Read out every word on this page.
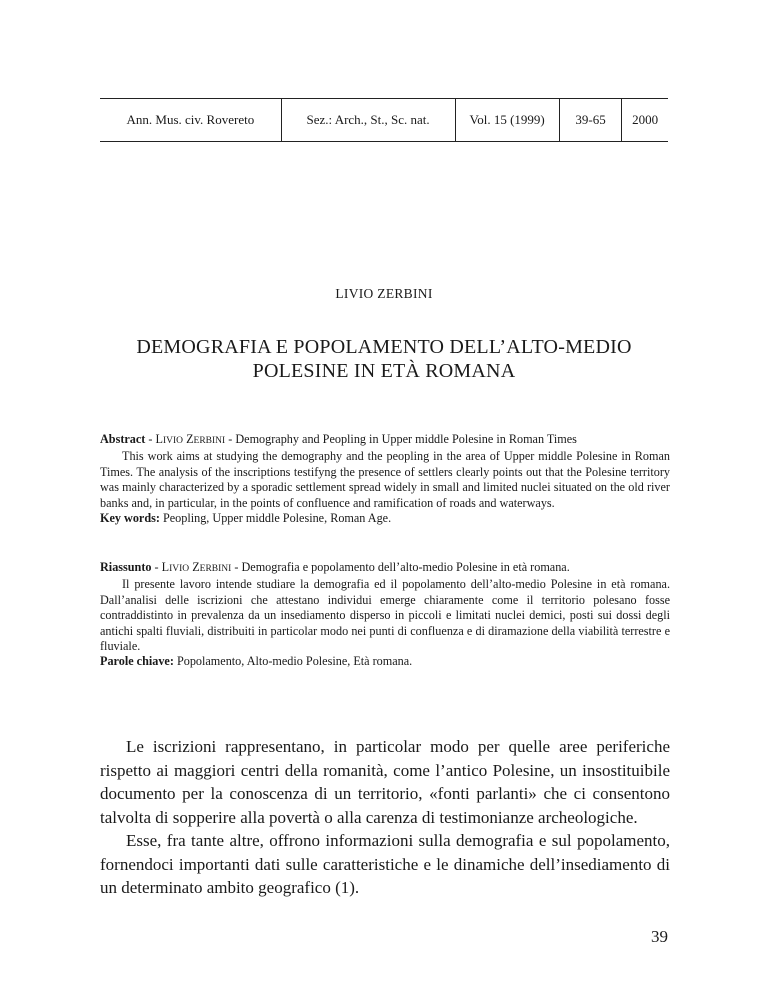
Ann. Mus. civ. Rovereto	Sez.: Arch., St., Sc. nat.	Vol. 15 (1999)	39-65	2000
LIVIO ZERBINI
DEMOGRAFIA E POPOLAMENTO DELL’ALTO-MEDIO
POLESINE IN ETÀ ROMANA

Abstract - LIVIO ZERBINI - Demography and Peopling in Upper middle Polesine in Roman Times

This work aims at studying the demography and the peopling in the area of Upper middle Polesine in Roman Times. The analysis of the inscriptions testifyng the presence of settlers clearly points out that the Polesine territory was mainly characterized by a sporadic settlement spread widely in small and limited nuclei situated on the old river banks and, in particular, in the points of confluence and ramification of roads and waterways.

Key words: Peopling, Upper middle Polesine, Roman Age.

Riassunto - LIVIO ZERBINI - Demografia e popolamento dell’alto-medio Polesine in età romana.

Il presente lavoro intende studiare la demografia ed il popolamento dell’alto-medio Polesine in età romana. Dall’analisi delle iscrizioni che attestano individui emerge chiaramente come il territorio polesano fosse contraddistinto in prevalenza da un insediamento disperso in piccoli e limitati nuclei demici, posti sui dossi degli antichi spalti fluviali, distribuiti in particolar modo nei punti di confluenza e di diramazione della viabilità terrestre e fluviale.

Parole chiave: Popolamento, Alto-medio Polesine, Età romana.

Le iscrizioni rappresentano, in particolar modo per quelle aree periferiche rispetto ai maggiori centri della romanità, come l’antico Polesine, un insostituibile documento per la conoscenza di un territorio, «fonti parlanti» che ci consentono talvolta di sopperire alla povertà o alla carenza di testimonianze archeologiche.

Esse, fra tante altre, offrono informazioni sulla demografia e sul popolamento, fornendoci importanti dati sulle caratteristiche e le dinamiche dell’insediamento di un determinato ambito geografico (1).

39
